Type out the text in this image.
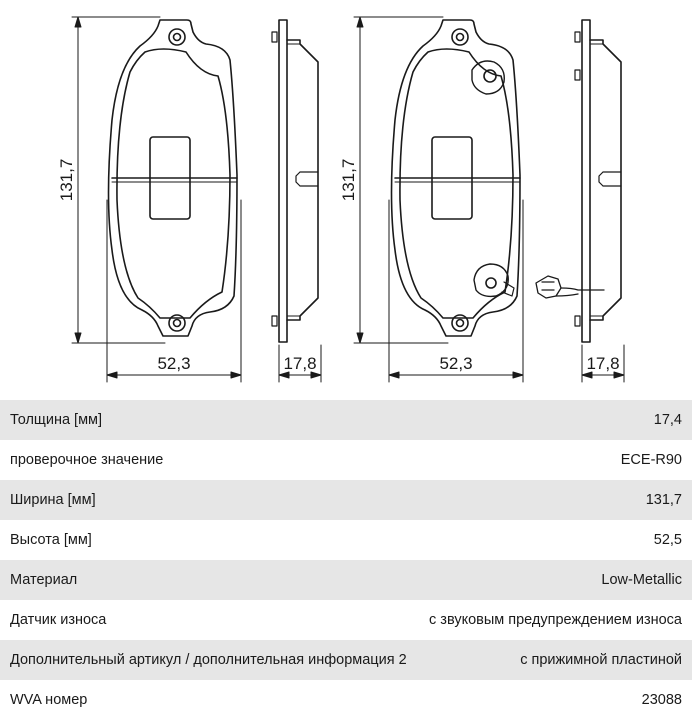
131,7
52,3	17,8
131,7
52,3	17,8
Толщина [мм]	17,4
проверочное значение	ECE-R90
Ширина [мм]	131,7
Высота [мм]	52,5
Материал	Low-Metallic
Датчик износа	с звуковым предупреждением износа
Дополнительный артикул / дополнительная информация 2	с прижимной пластиной
WVA номер	23088
